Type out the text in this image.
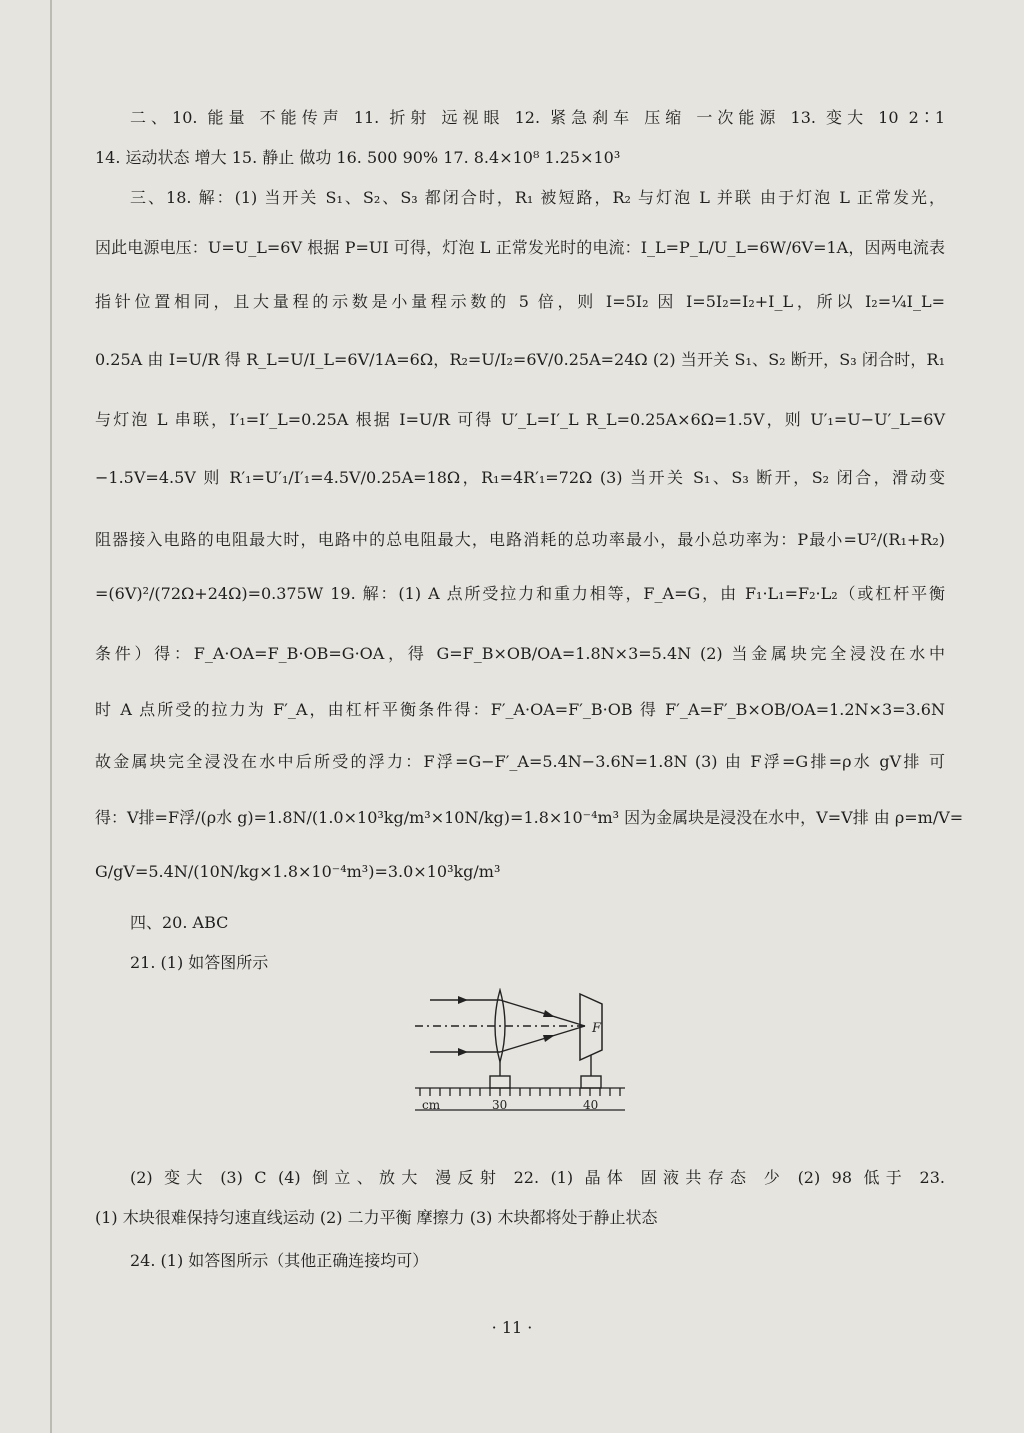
二、10. 能量 不能传声 11. 折射 远视眼 12. 紧急刹车 压缩 一次能源 13. 变大 10 2∶1
14. 运动状态 增大 15. 静止 做功 16. 500 90% 17. 8.4×10⁸ 1.25×10³
三、18. 解：(1) 当开关 S₁、S₂、S₃ 都闭合时，R₁ 被短路，R₂ 与灯泡 L 并联 由于灯泡 L 正常发光，
因此电源电压：U=U_L=6V 根据 P=UI 可得，灯泡 L 正常发光时的电流：I_L=P_L/U_L=6W/6V=1A，因两电流表
指针位置相同，且大量程的示数是小量程示数的 5 倍，则 I=5I₂ 因 I=5I₂=I₂+I_L，所以 I₂=¼I_L=
0.25A 由 I=U/R 得 R_L=U/I_L=6V/1A=6Ω，R₂=U/I₂=6V/0.25A=24Ω (2) 当开关 S₁、S₂ 断开，S₃ 闭合时，R₁
与灯泡 L 串联，I′₁=I′_L=0.25A 根据 I=U/R 可得 U′_L=I′_L R_L=0.25A×6Ω=1.5V，则 U′₁=U−U′_L=6V
−1.5V=4.5V 则 R′₁=U′₁/I′₁=4.5V/0.25A=18Ω，R₁=4R′₁=72Ω (3) 当开关 S₁、S₃ 断开，S₂ 闭合，滑动变
阻器接入电路的电阻最大时，电路中的总电阻最大，电路消耗的总功率最小，最小总功率为：P最小=U²/(R₁+R₂)
=(6V)²/(72Ω+24Ω)=0.375W 19. 解：(1) A 点所受拉力和重力相等，F_A=G，由 F₁·L₁=F₂·L₂（或杠杆平衡
条件）得：F_A·OA=F_B·OB=G·OA，得 G=F_B×OB/OA=1.8N×3=5.4N (2) 当金属块完全浸没在水中
时 A 点所受的拉力为 F′_A，由杠杆平衡条件得：F′_A·OA=F′_B·OB 得 F′_A=F′_B×OB/OA=1.2N×3=3.6N
故金属块完全浸没在水中后所受的浮力：F浮=G−F′_A=5.4N−3.6N=1.8N (3) 由 F浮=G排=ρ水 gV排 可
得：V排=F浮/(ρ水 g)=1.8N/(1.0×10³kg/m³×10N/kg)=1.8×10⁻⁴m³ 因为金属块是浸没在水中，V=V排 由 ρ=m/V=
G/gV=5.4N/(10N/kg×1.8×10⁻⁴m³)=3.0×10³kg/m³
四、20. ABC
21. (1) 如答图所示
F
cm	30	40
(2) 变大 (3) C (4) 倒立、放大 漫反射 22. (1) 晶体 固液共存态 少 (2) 98 低于 23.
(1) 木块很难保持匀速直线运动 (2) 二力平衡 摩擦力 (3) 木块都将处于静止状态
24. (1) 如答图所示（其他正确连接均可）
· 11 ·
